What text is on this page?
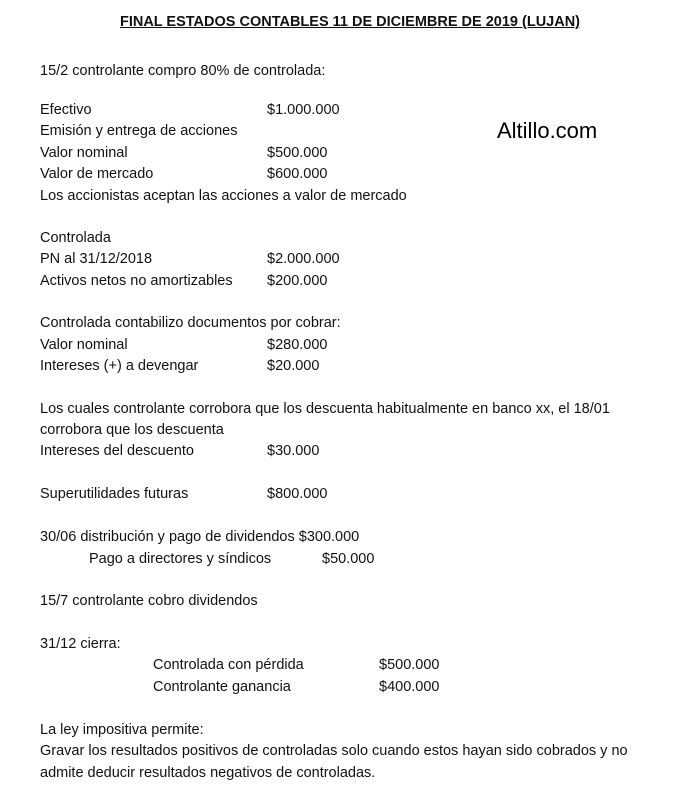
FINAL ESTADOS CONTABLES 11 DE DICIEMBRE DE 2019 (LUJAN)
Altillo.com
15/2 controlante compro 80% de controlada:
Efectivo	$1.000.000
Emisión y entrega de acciones
Valor nominal	$500.000
Valor de mercado	$600.000
Los accionistas aceptan las acciones a valor de mercado
Controlada
PN al 31/12/2018	$2.000.000
Activos netos no amortizables $200.000
Controlada contabilizo documentos por cobrar:
Valor nominal	$280.000
Intereses (+) a devengar	$20.000
Los cuales controlante corrobora que los descuenta habitualmente en banco xx, el 18/01
corrobora que los descuenta
Intereses del descuento	$30.000
Superutilidades futuras	$800.000
30/06 distribución y pago de dividendos $300.000
Pago a directores y síndicos	$50.000
15/7 controlante cobro dividendos
31/12 cierra:
Controlada con pérdida	$500.000
Controlante ganancia	$400.000
La ley impositiva permite:
Gravar los resultados positivos de controladas solo cuando estos hayan sido cobrados y no
admite deducir resultados negativos de controladas.
